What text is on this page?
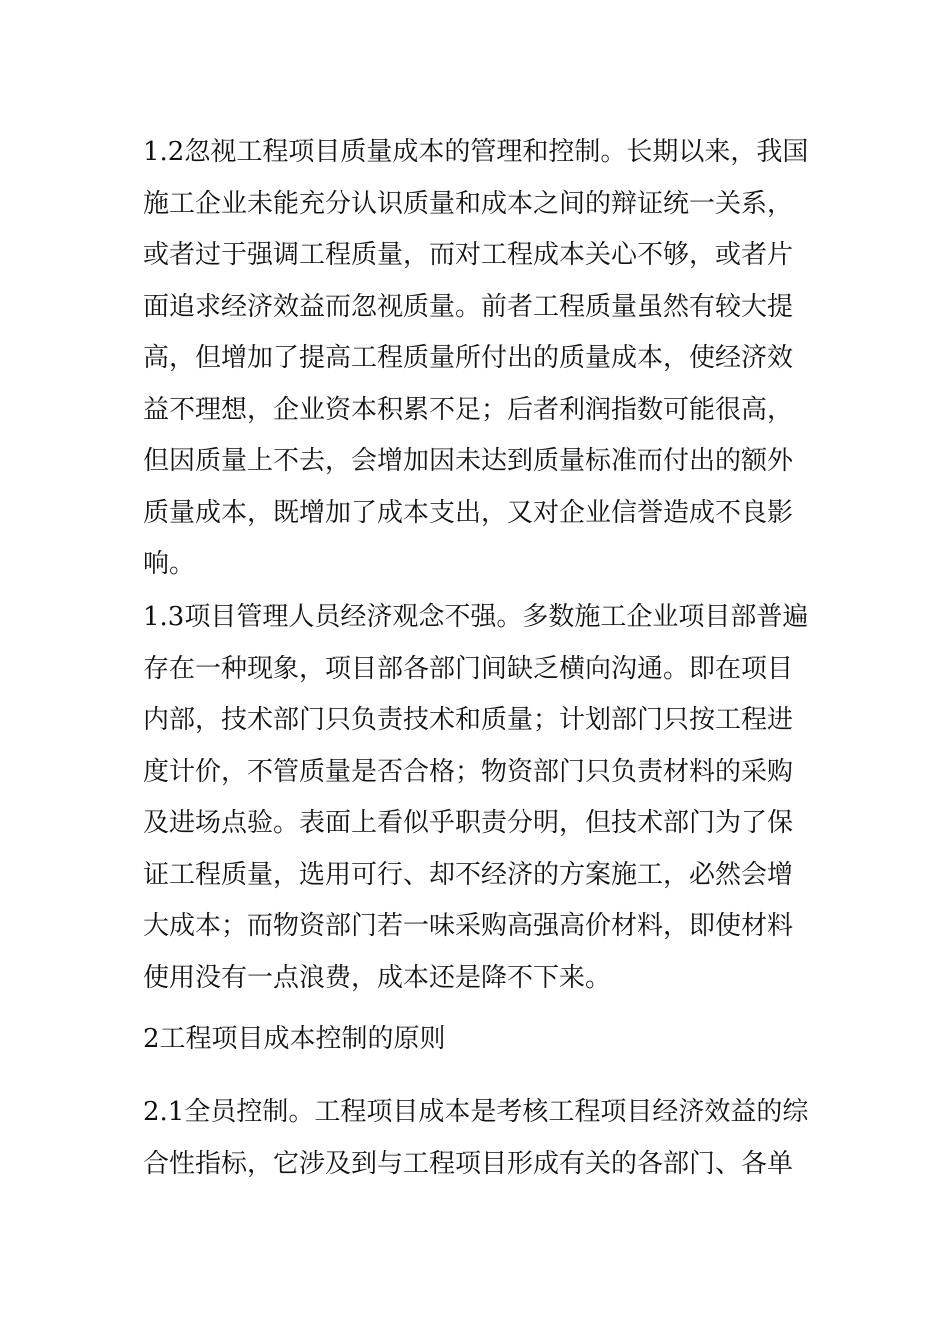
1.2忽视工程项目质量成本的管理和控制。长期以来，我国
施工企业未能充分认识质量和成本之间的辩证统一关系，
或者过于强调工程质量，而对工程成本关心不够，或者片
面追求经济效益而忽视质量。前者工程质量虽然有较大提
高，但增加了提高工程质量所付出的质量成本，使经济效
益不理想，企业资本积累不足；后者利润指数可能很高，
但因质量上不去，会增加因未达到质量标准而付出的额外
质量成本，既增加了成本支出，又对企业信誉造成不良影
响。
1.3项目管理人员经济观念不强。多数施工企业项目部普遍
存在一种现象，项目部各部门间缺乏横向沟通。即在项目
内部，技术部门只负责技术和质量；计划部门只按工程进
度计价，不管质量是否合格；物资部门只负责材料的采购
及进场点验。表面上看似乎职责分明，但技术部门为了保
证工程质量，选用可行、却不经济的方案施工，必然会增
大成本；而物资部门若一味采购高强高价材料，即使材料
使用没有一点浪费，成本还是降不下来。
2工程项目成本控制的原则
2.1全员控制。工程项目成本是考核工程项目经济效益的综
合性指标，它涉及到与工程项目形成有关的各部门、各单
